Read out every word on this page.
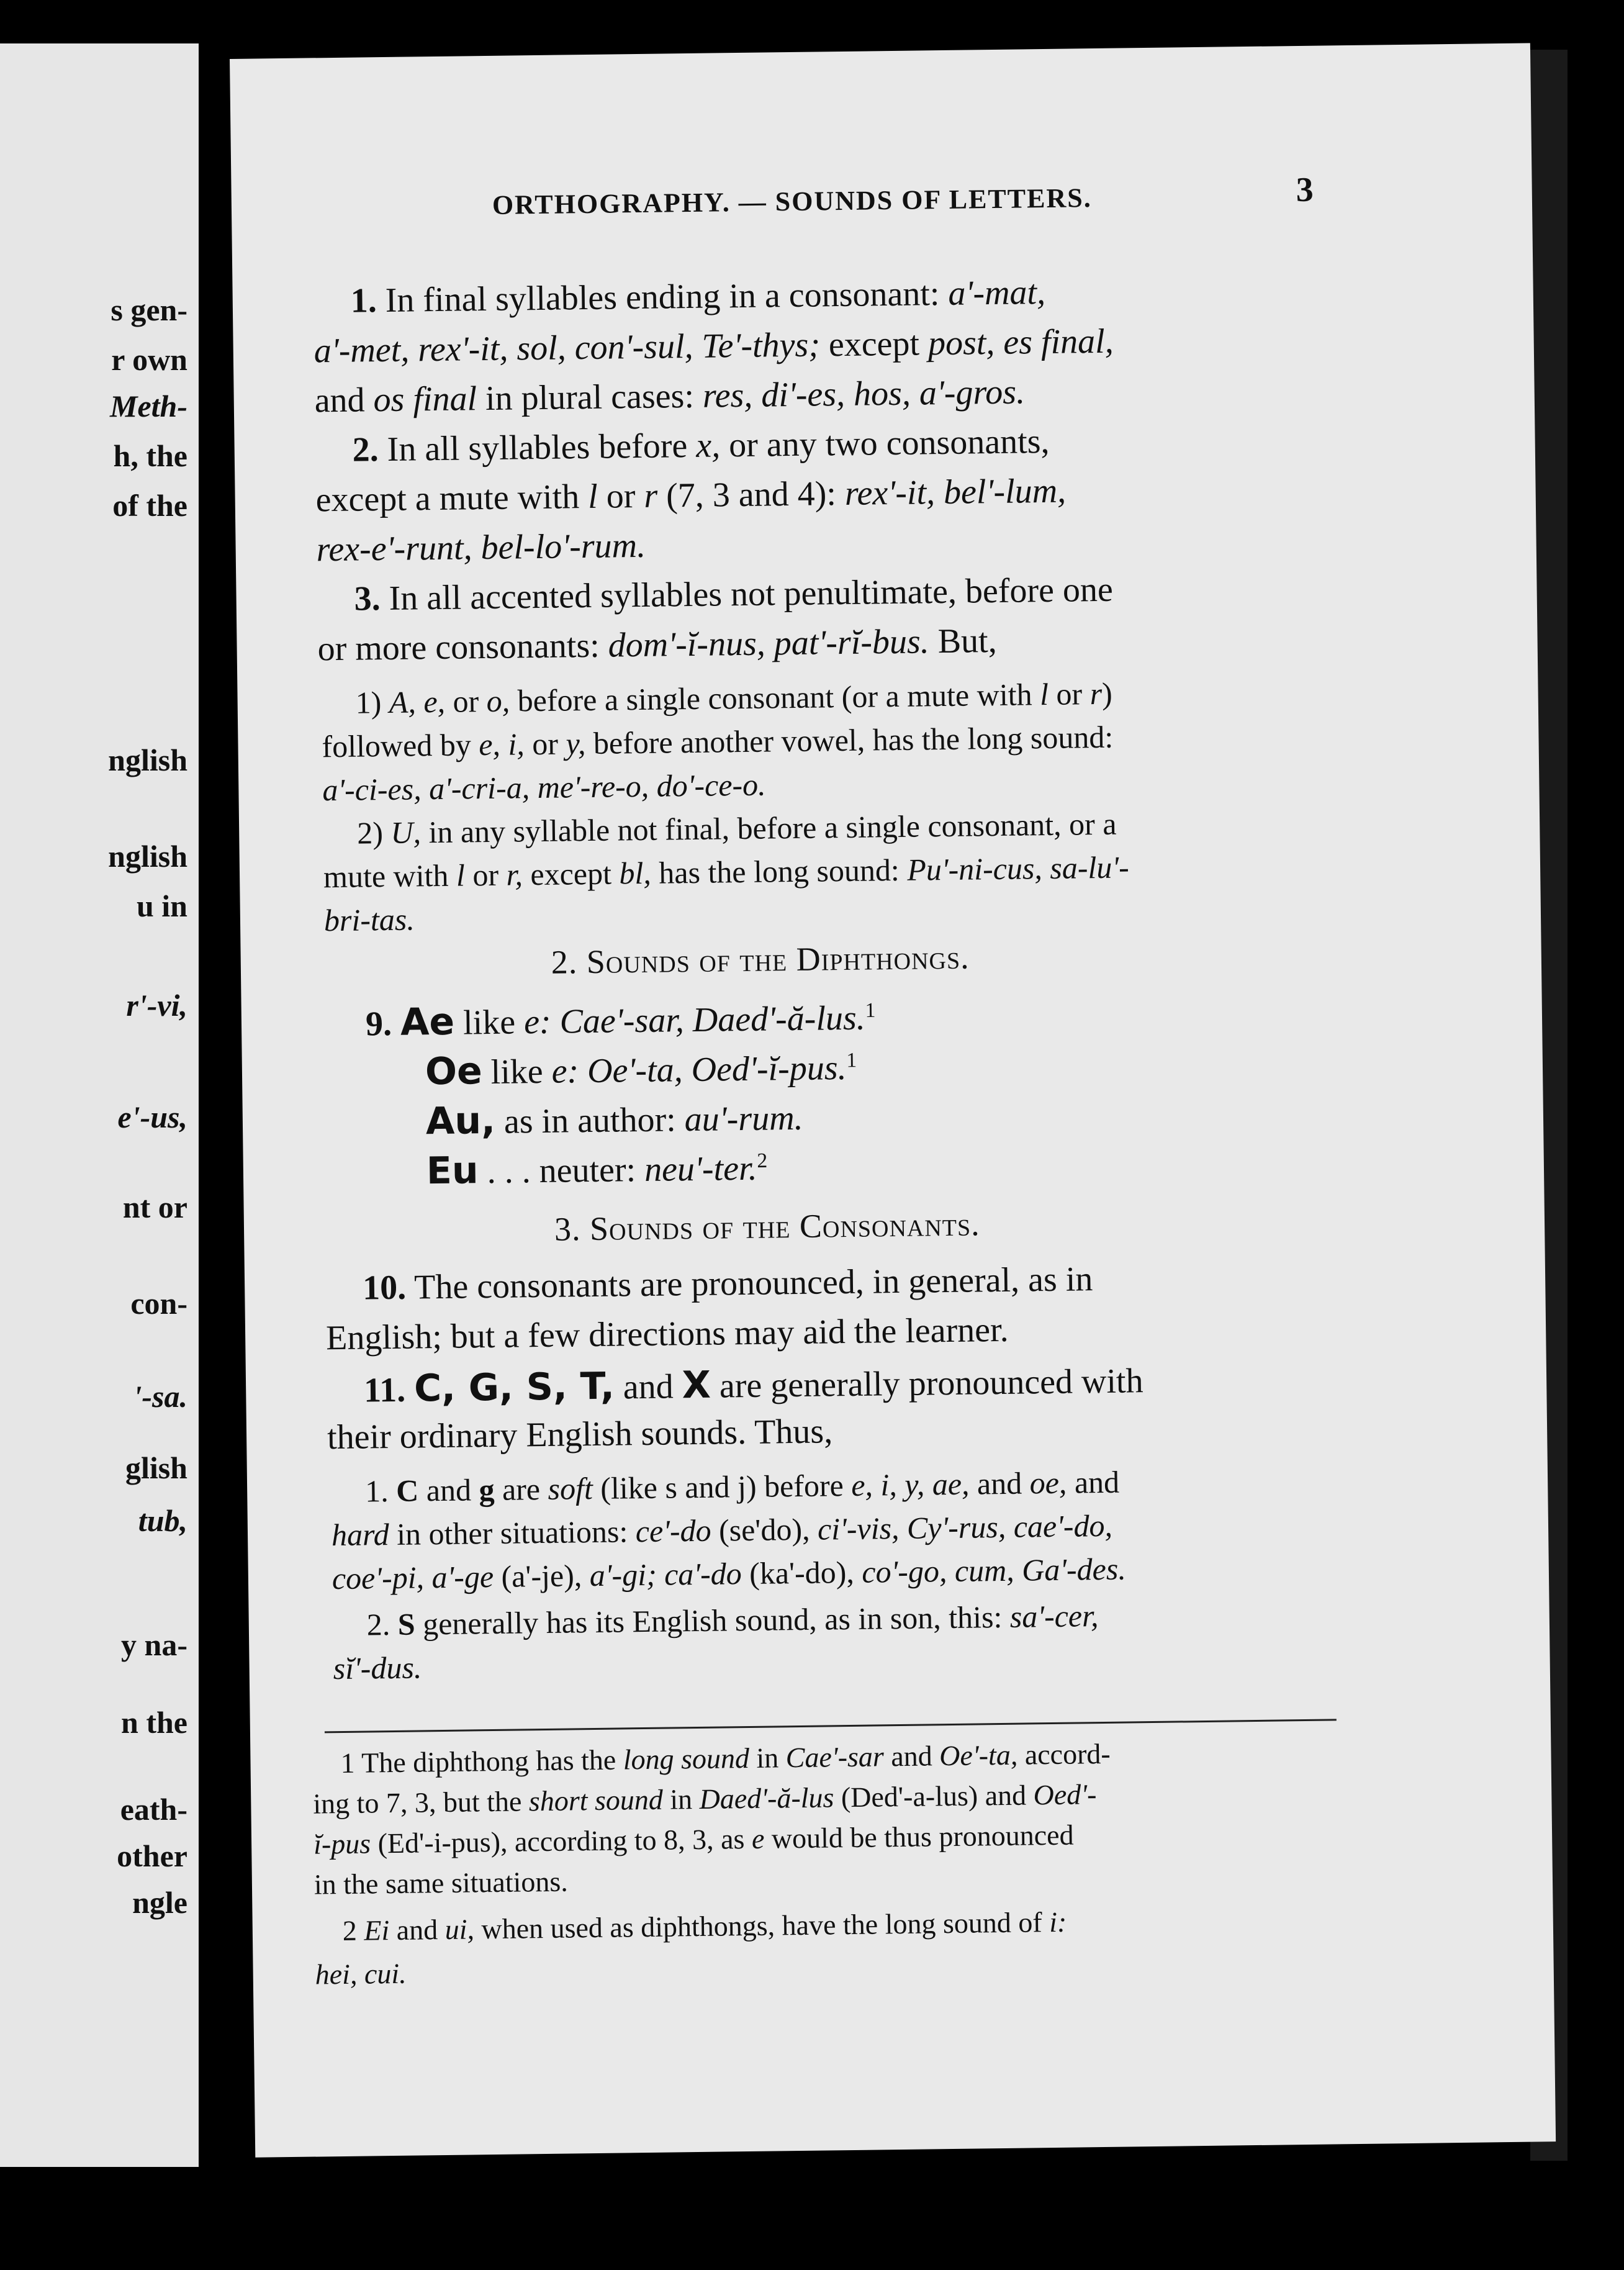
s gen-
r own
Meth-
h, the
of the
nglish
nglish
u in
r'-vi,
e'-us,
nt or
con-
'-sa.
glish
tub,
y na-
n the
eath-
other
ngle
ORTHOGRAPHY. — SOUNDS OF LETTERS.	3
1. In final syllables ending in a consonant: a'-mat,
a'-met, rex'-it, sol, con'-sul, Te'-thys; except post, es final,
and os final in plural cases: res, di'-es, hos, a'-gros.
2. In all syllables before x, or any two consonants,
except a mute with l or r (7, 3 and 4): rex'-it, bel'-lum,
rex-e'-runt, bel-lo'-rum.
3. In all accented syllables not penultimate, before one
or more consonants: dom'-ĭ-nus, pat'-rĭ-bus. But,
1) A, e, or o, before a single consonant (or a mute with l or r)
followed by e, i, or y, before another vowel, has the long sound:
a'-ci-es, a'-cri-a, me'-re-o, do'-ce-o.
2) U, in any syllable not final, before a single consonant, or a
mute with l or r, except bl, has the long sound: Pu'-ni-cus, sa-lu'-
bri-tas.
2. Sounds of the Diphthongs.
9. Ae like e: Cae'-sar, Daed'-ă-lus.$^1$
Oe like e: Oe'-ta, Oed'-ĭ-pus.$^1$
Au, as in author: au'-rum.
Eu . . . neuter: neu'-ter.$^2$
3. Sounds of the Consonants.
10. The consonants are pronounced, in general, as in
English; but a few directions may aid the learner.
11. C, G, S, T, and X are generally pronounced with
their ordinary English sounds. Thus,
1. C and g are soft (like s and j) before e, i, y, ae, and oe, and
hard in other situations: ce'-do (se'do), ci'-vis, Cy'-rus, cae'-do,
coe'-pi, a'-ge (a'-je), a'-gi; ca'-do (ka'-do), co'-go, cum, Ga'-des.
2. S generally has its English sound, as in son, this: sa'-cer,
sĭ'-dus.
1 The diphthong has the long sound in Cae'-sar and Oe'-ta, accord-
ing to 7, 3, but the short sound in Daed'-ă-lus (Ded'-a-lus) and Oed'-
ĭ-pus (Ed'-i-pus), according to 8, 3, as e would be thus pronounced
in the same situations.
2 Ei and ui, when used as diphthongs, have the long sound of i:
hei, cui.
